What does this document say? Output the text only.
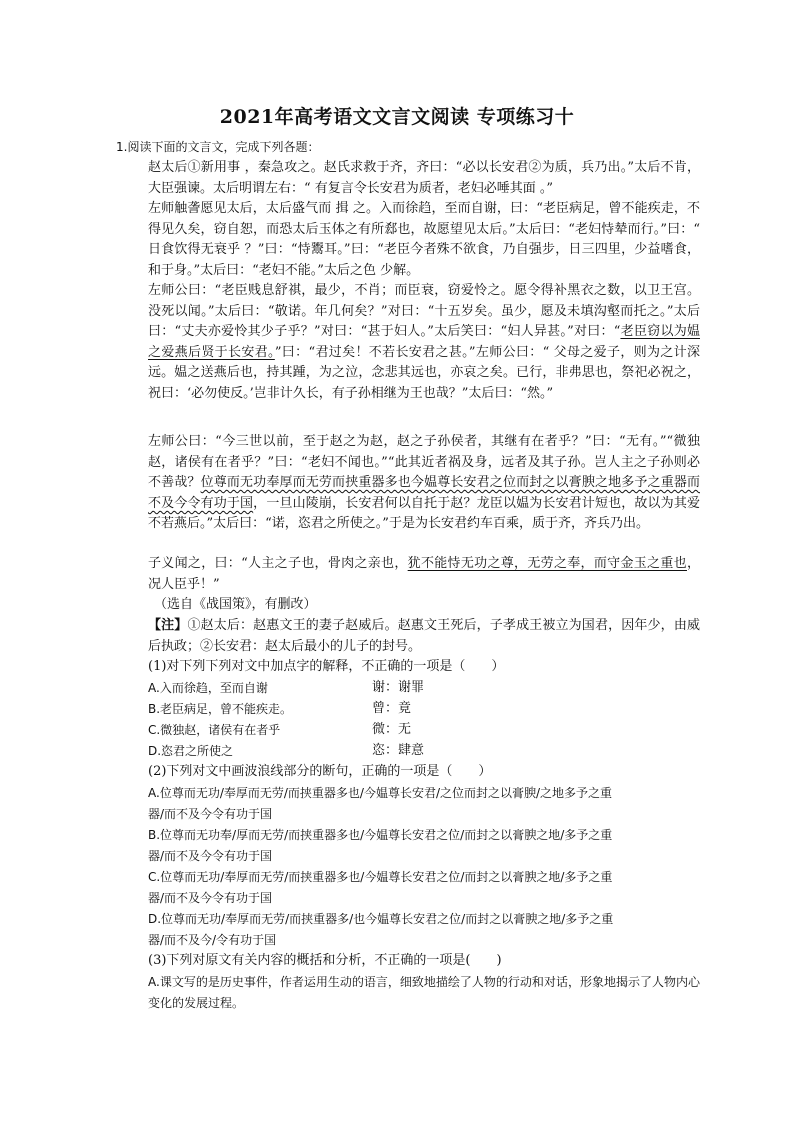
2021年高考语文文言文阅读 专项练习十
1.阅读下面的文言文，完成下列各题：
赵太后①新用事 ，秦急攻之。赵氏求救于齐，齐曰：“必以长安君②为质，兵乃出。”太后不肯，大臣强谏。太后明谓左右：“ 有复言令长安君为质者，老妇必唾其面 。”
左师触詟愿见太后，太后盛气而 揖 之。入而徐趋，至而自谢，曰：“老臣病足，曾不能疾走，不得见久矣，窃自恕，而恐太后玉体之有所郄也，故愿望见太后。”太后曰：“老妇恃辇而行。”曰：“ 日食饮得无衰乎 ？”曰：“恃鬻耳。”曰：“老臣今者殊不欲食，乃自强步，日三四里，少益嗜食，和于身。”太后曰：“老妇不能。”太后之色 少解。
左师公曰：“老臣贱息舒祺，最少，不肖；而臣衰，窃爱怜之。愿令得补黑衣之数，以卫王宫。没死以闻。”太后曰：“敬诺。年几何矣？”对曰：“十五岁矣。虽少，愿及未填沟壑而托之。”太后曰：“丈夫亦爱怜其少子乎？”对曰：“甚于妇人。”太后笑曰：“妇人异甚。”对曰：“老臣窃以为媪之爱燕后贤于长安君。”曰：“君过矣！不若长安君之甚。”左师公曰：“ 父母之爱子，则为之计深远。媪之送燕后也，持其踵，为之泣，念悲其远也，亦哀之矣。已行，非弗思也，祭祀必祝之，祝曰：‘必勿使反。’岂非计久长，有子孙相继为王也哉？”太后曰：“然。”
左师公曰：“今三世以前，至于赵之为赵，赵之子孙侯者，其继有在者乎？”曰：“无有。”“微独赵，诸侯有在者乎？”曰：“老妇不闻也。”“此其近者祸及身，远者及其子孙。岂人主之子孙则必不善哉？位尊而无功奉厚而无劳而挟重器多也今媪尊长安君之位而封之以膏腴之地多予之重器而不及今令有功于国，一旦山陵崩，长安君何以自托于赵？龙臣以媪为长安君计短也，故以为其爱不若燕后。”太后曰：“诺，恣君之所使之。”于是为长安君约车百乘，质于齐，齐兵乃出。
子义闻之，曰：“人主之子也，骨肉之亲也，犹不能恃无功之尊，无劳之奉，而守金玉之重也，况人臣乎！”
（选自《战国策》，有删改）
【注】①赵太后：赵惠文王的妻子赵威后。赵惠文王死后，子孝成王被立为国君，因年少，由威后执政；②长安君：赵太后最小的儿子的封号。
(1)对下列下列对文中加点字的解释，不正确的一项是（　　）
A.入而徐趋，至而自谢	谢：谢罪
B.老臣病足，曾不能疾走。	曾：竟
C.微独赵，诸侯有在者乎	微：无
D.恣君之所使之	恣：肆意
(2)下列对文中画波浪线部分的断句，正确的一项是（　　）
A.位尊而无功/奉厚而无劳/而挟重器多也/今媪尊长安君/之位而封之以膏腴/之地多予之重
器/而不及今令有功于国
B.位尊而无功奉/厚而无劳/而挟重器多也/今媪尊长安君之位/而封之以膏腴之地/多予之重
器/而不及今令有功于国
C.位尊而无功/奉厚而无劳/而挟重器多也/今媪尊长安君之位/而封之以膏腴之地/多予之重
器/而不及今令有功于国
D.位尊而无功/奉厚而无劳/而挟重器多/也今媪尊长安君之位/而封之以膏腴之地/多予之重
器/而不及今/令有功于国
(3)下列对原文有关内容的概括和分析，不正确的一项是(　　)
A.课文写的是历史事件，作者运用生动的语言，细致地描绘了人物的行动和对话，形象地揭示了人物内心变化的发展过程。
